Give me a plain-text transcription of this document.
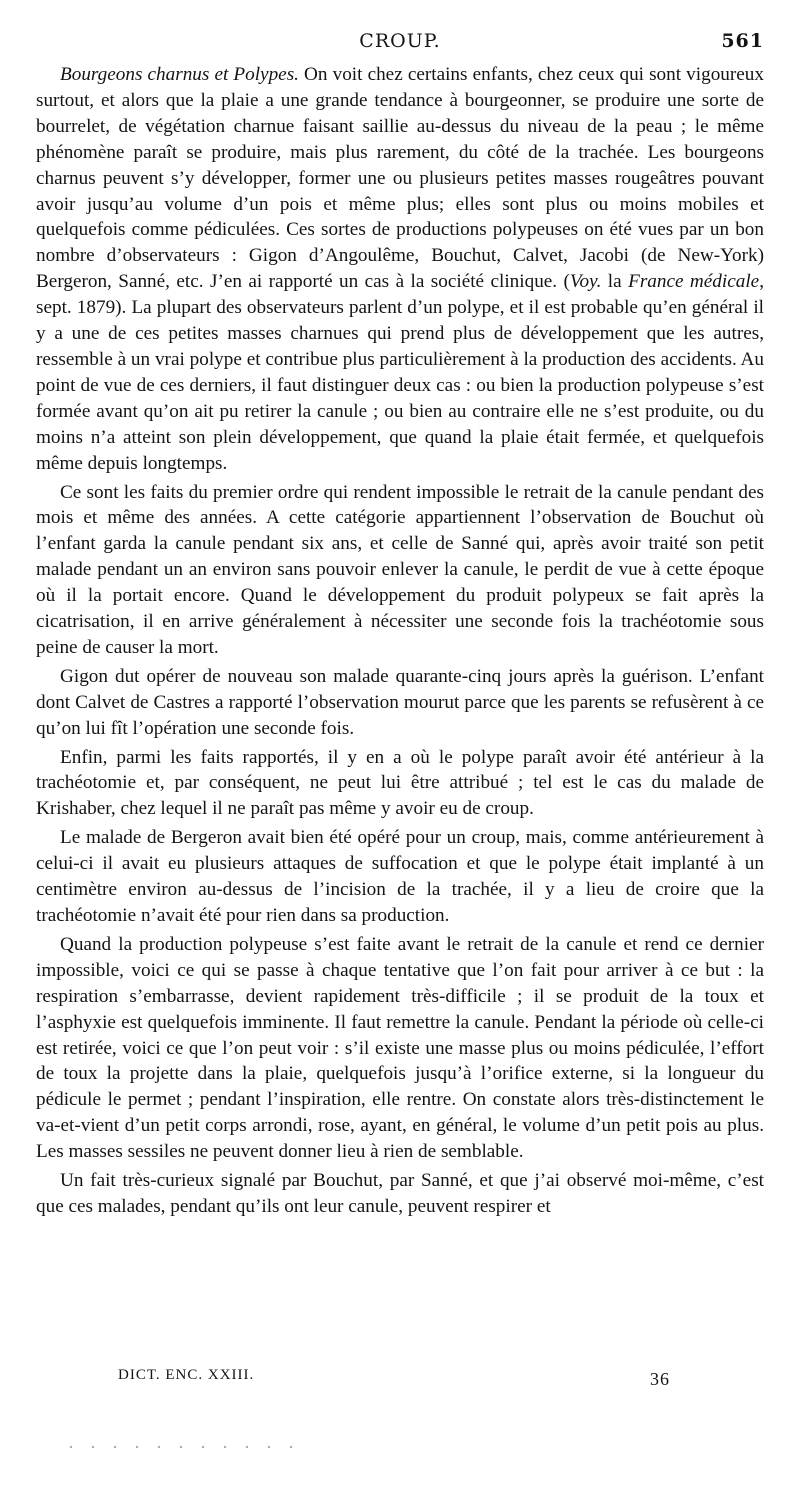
CROUP.	561

Bourgeons charnus et Polypes. On voit chez certains enfants, chez ceux qui sont vigoureux surtout, et alors que la plaie a une grande tendance à bourgeonner, se produire une sorte de bourrelet, de végétation charnue faisant saillie au-dessus du niveau de la peau ; le même phénomène paraît se produire, mais plus rarement, du côté de la trachée. Les bourgeons charnus peuvent s’y développer, former une ou plusieurs petites masses rougeâtres pouvant avoir jusqu’au volume d’un pois et même plus; elles sont plus ou moins mobiles et quelquefois comme pédiculées. Ces sortes de productions polypeuses on été vues par un bon nombre d’observateurs : Gigon d’Angoulême, Bouchut, Calvet, Jacobi (de New-York) Bergeron, Sanné, etc. J’en ai rapporté un cas à la société clinique. (Voy. la France médicale, sept. 1879). La plupart des observateurs parlent d’un polype, et il est probable qu’en général il y a une de ces petites masses charnues qui prend plus de développement que les autres, ressemble à un vrai polype et contribue plus particulièrement à la production des accidents. Au point de vue de ces derniers, il faut distinguer deux cas : ou bien la production polypeuse s’est formée avant qu’on ait pu retirer la canule ; ou bien au contraire elle ne s’est produite, ou du moins n’a atteint son plein développement, que quand la plaie était fermée, et quelquefois même depuis longtemps.

Ce sont les faits du premier ordre qui rendent impossible le retrait de la canule pendant des mois et même des années. A cette catégorie appartiennent l’observation de Bouchut où l’enfant garda la canule pendant six ans, et celle de Sanné qui, après avoir traité son petit malade pendant un an environ sans pouvoir enlever la canule, le perdit de vue à cette époque où il la portait encore. Quand le développement du produit polypeux se fait après la cicatrisation, il en arrive généralement à nécessiter une seconde fois la trachéotomie sous peine de causer la mort.

Gigon dut opérer de nouveau son malade quarante-cinq jours après la guérison. L’enfant dont Calvet de Castres a rapporté l’observation mourut parce que les parents se refusèrent à ce qu’on lui fît l’opération une seconde fois.

Enfin, parmi les faits rapportés, il y en a où le polype paraît avoir été antérieur à la trachéotomie et, par conséquent, ne peut lui être attribué ; tel est le cas du malade de Krishaber, chez lequel il ne paraît pas même y avoir eu de croup.

Le malade de Bergeron avait bien été opéré pour un croup, mais, comme antérieurement à celui-ci il avait eu plusieurs attaques de suffocation et que le polype était implanté à un centimètre environ au-dessus de l’incision de la trachée, il y a lieu de croire que la trachéotomie n’avait été pour rien dans sa production.

Quand la production polypeuse s’est faite avant le retrait de la canule et rend ce dernier impossible, voici ce qui se passe à chaque tentative que l’on fait pour arriver à ce but : la respiration s’embarrasse, devient rapidement très-difficile ; il se produit de la toux et l’asphyxie est quelquefois imminente. Il faut remettre la canule. Pendant la période où celle-ci est retirée, voici ce que l’on peut voir : s’il existe une masse plus ou moins pédiculée, l’effort de toux la projette dans la plaie, quelquefois jusqu’à l’orifice externe, si la longueur du pédicule le permet ; pendant l’inspiration, elle rentre. On constate alors très-distinctement le va-et-vient d’un petit corps arrondi, rose, ayant, en général, le volume d’un petit pois au plus. Les masses sessiles ne peuvent donner lieu à rien de semblable.

Un fait très-curieux signalé par Bouchut, par Sanné, et que j’ai observé moi-même, c’est que ces malades, pendant qu’ils ont leur canule, peuvent respirer et

DICT. ENC. XXIII.	36
